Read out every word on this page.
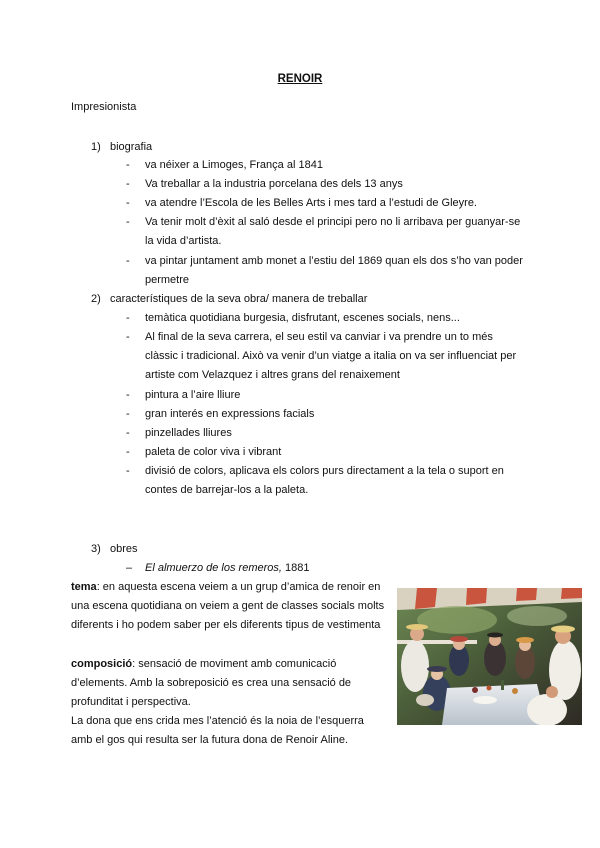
RENOIR
Impresionista
1) biografia
- va néixer a Limoges, França al 1841
- Va treballar a la industria porcelana des dels 13 anys
- va atendre l’Escola de les Belles Arts i mes tard a l’estudi de Gleyre.
- Va tenir molt d’èxit al saló desde el principi pero no li arribava per guanyar-se
la vida d’artista.
- va pintar juntament amb monet a l’estiu del 1869 quan els dos s’ho van poder
permetre
2) característiques de la seva obra/ manera de treballar
- temàtica quotidiana burgesia, disfrutant, escenes socials, nens...
- Al final de la seva carrera, el seu estil va canviar i va prendre un to més
clàssic i tradicional. Això va venir d’un viatge a italia on va ser influenciat per
artiste com Velazquez i altres grans del renaixement
- pintura a l’aire lliure
- gran interés en expressions facials
- pinzellades lliures
- paleta de color viva i vibrant
- divisió de colors, aplicava els colors purs directament a la tela o suport en
contes de barrejar-los a la paleta.
3) obres
– El almuerzo de los remeros, 1881
tema: en aquesta escena veiem a un grup d’amica de renoir en
una escena quotidiana on veiem a gent de classes socials molts
diferents i ho podem saber per els diferents tipus de vestimenta
composició: sensació de moviment amb comunicació
d’elements. Amb la sobreposició es crea una sensació de
profunditat i perspectiva.
La dona que ens crida mes l’atenció és la noia de l’esquerra
amb el gos qui resulta ser la futura dona de Renoir Aline.
